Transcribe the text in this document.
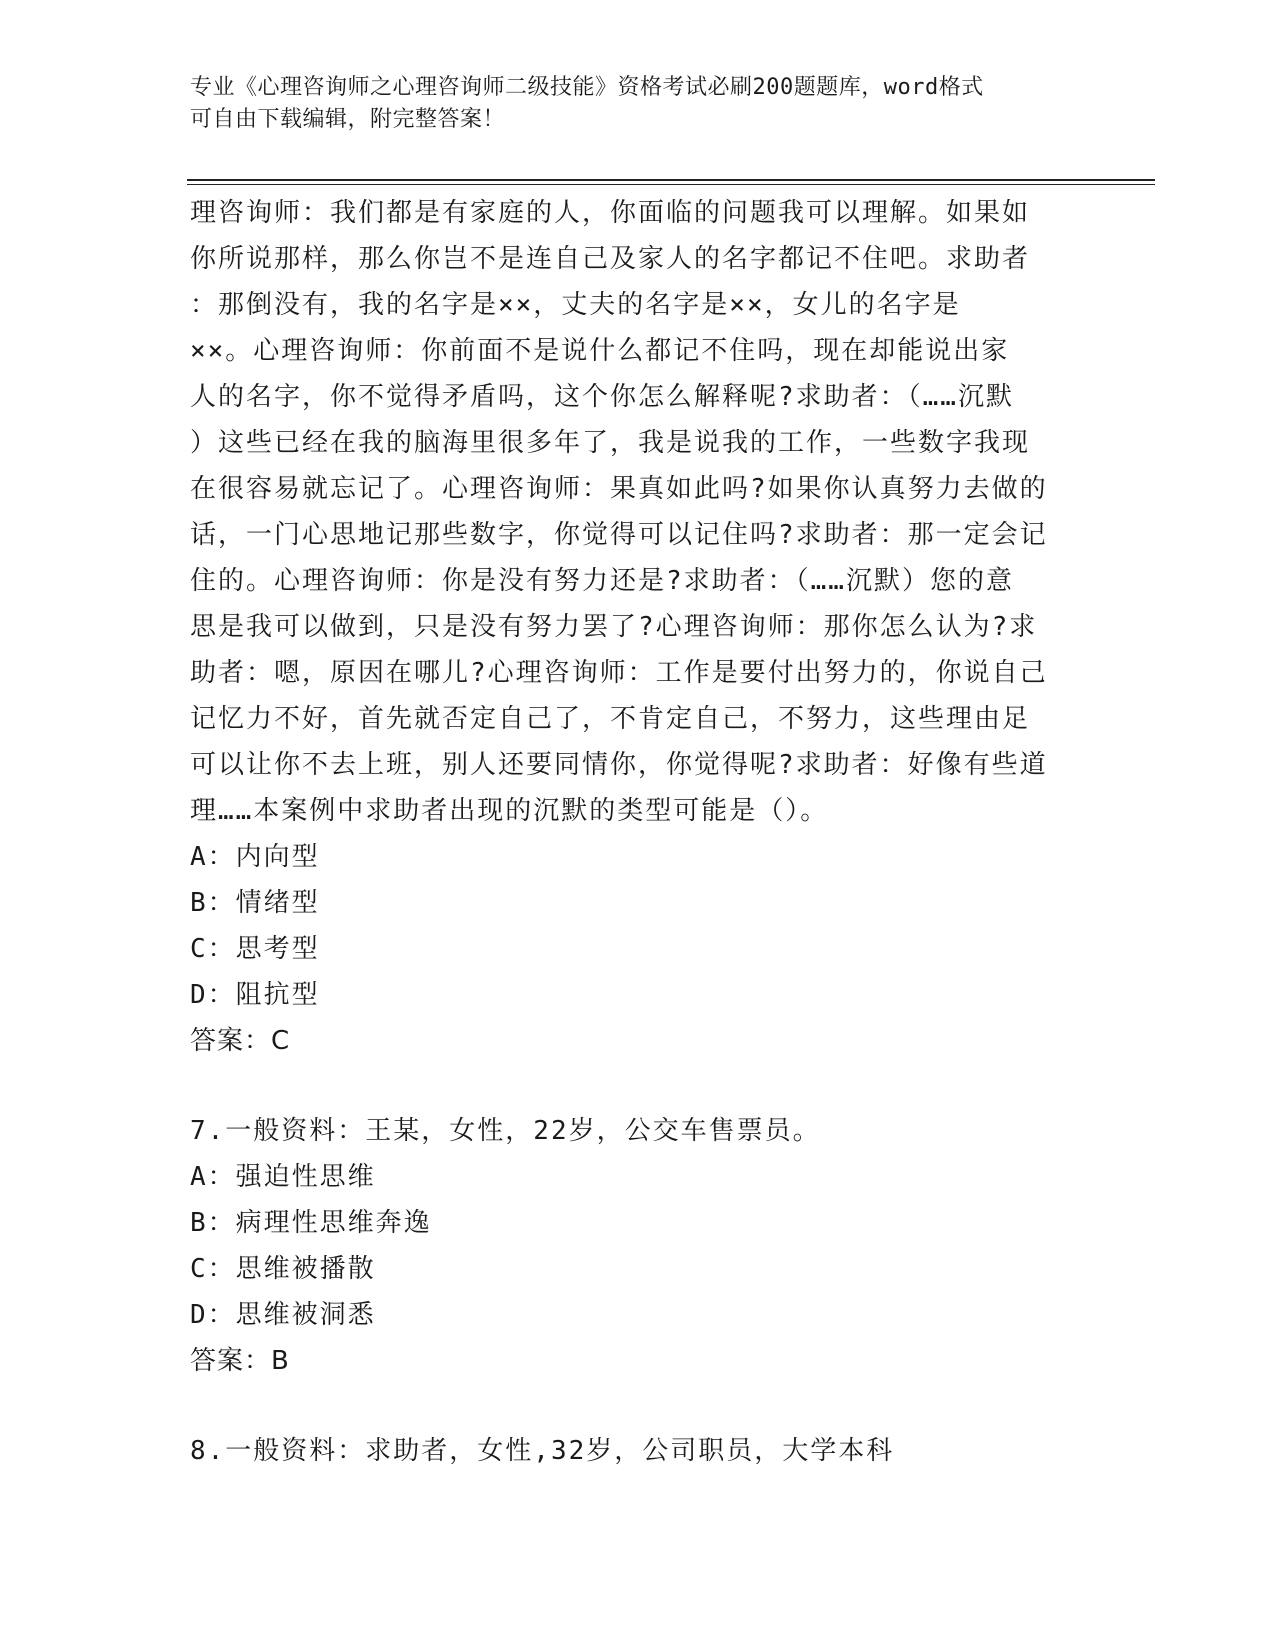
专业《心理咨询师之心理咨询师二级技能》资格考试必刷200题题库，word格式
可自由下载编辑，附完整答案！
理咨询师：我们都是有家庭的人，你面临的问题我可以理解。如果如
你所说那样，那么你岂不是连自己及家人的名字都记不住吧。求助者
：那倒没有，我的名字是××，丈夫的名字是××，女儿的名字是
××。心理咨询师：你前面不是说什么都记不住吗，现在却能说出家
人的名字，你不觉得矛盾吗，这个你怎么解释呢?求助者：（……沉默
）这些已经在我的脑海里很多年了，我是说我的工作，一些数字我现
在很容易就忘记了。心理咨询师：果真如此吗?如果你认真努力去做的
话，一门心思地记那些数字，你觉得可以记住吗?求助者：那一定会记
住的。心理咨询师：你是没有努力还是?求助者：（……沉默）您的意
思是我可以做到，只是没有努力罢了?心理咨询师：那你怎么认为?求
助者：嗯，原因在哪儿?心理咨询师：工作是要付出努力的，你说自己
记忆力不好，首先就否定自己了，不肯定自己，不努力，这些理由足
可以让你不去上班，别人还要同情你，你觉得呢?求助者：好像有些道
理……本案例中求助者出现的沉默的类型可能是（）。
A：内向型
B：情绪型
C：思考型
D：阻抗型
答案：C
7.一般资料：王某，女性，22岁，公交车售票员。
A：强迫性思维
B：病理性思维奔逸
C：思维被播散
D：思维被洞悉
答案：B
8.一般资料：求助者，女性,32岁，公司职员，大学本科
